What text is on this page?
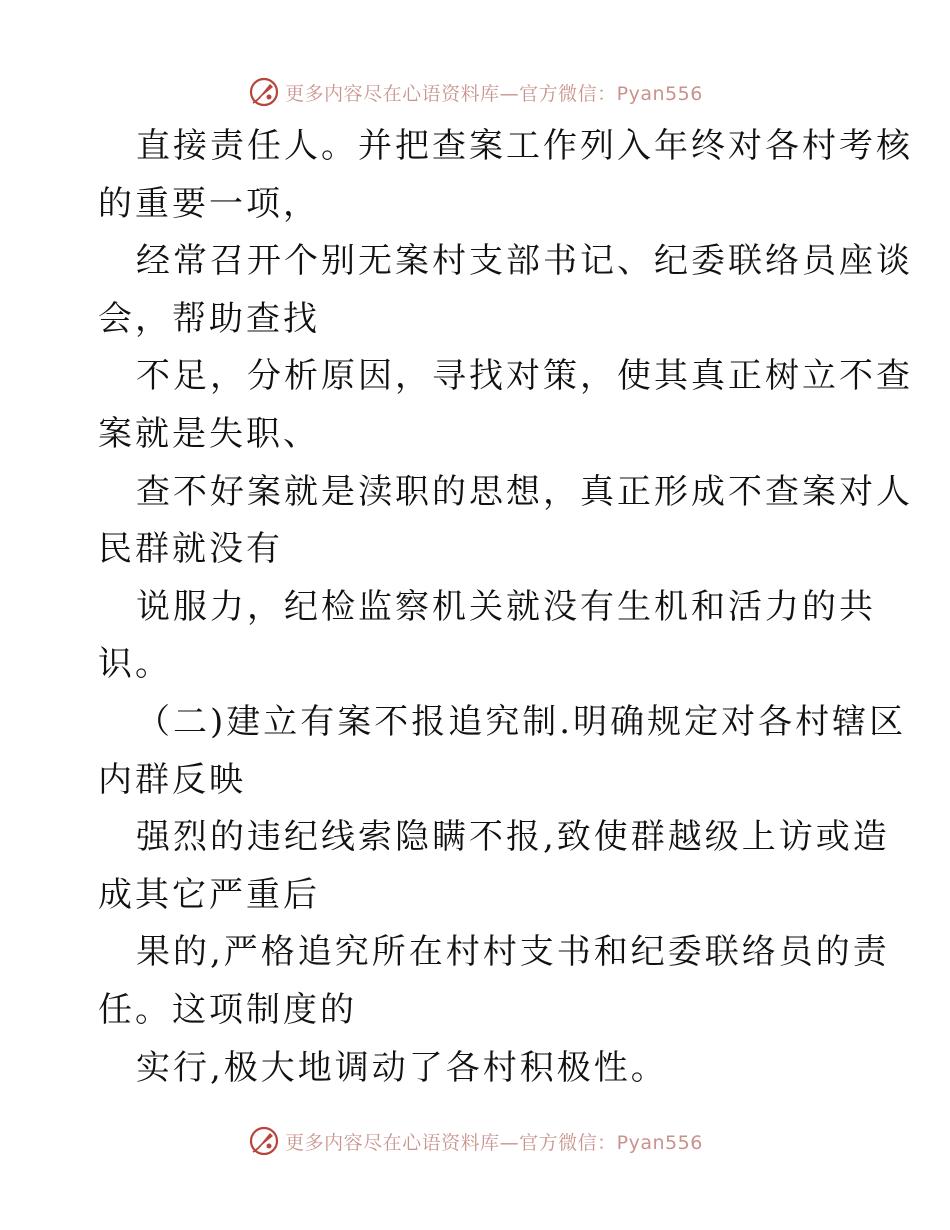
更多内容尽在心语资料库—官方微信：Pyan556
直接责任人。并把查案工作列入年终对各村考核
的重要一项，
经常召开个别无案村支部书记、纪委联络员座谈
会，帮助查找
不足，分析原因，寻找对策，使其真正树立不查
案就是失职、
查不好案就是渎职的思想，真正形成不查案对人
民群就没有
说服力，纪检监察机关就没有生机和活力的共
识。
（二)建立有案不报追究制.明确规定对各村辖区
内群反映
强烈的违纪线索隐瞒不报,致使群越级上访或造
成其它严重后
果的,严格追究所在村村支书和纪委联络员的责
任。这项制度的
实行,极大地调动了各村积极性。
更多内容尽在心语资料库—官方微信：Pyan556
